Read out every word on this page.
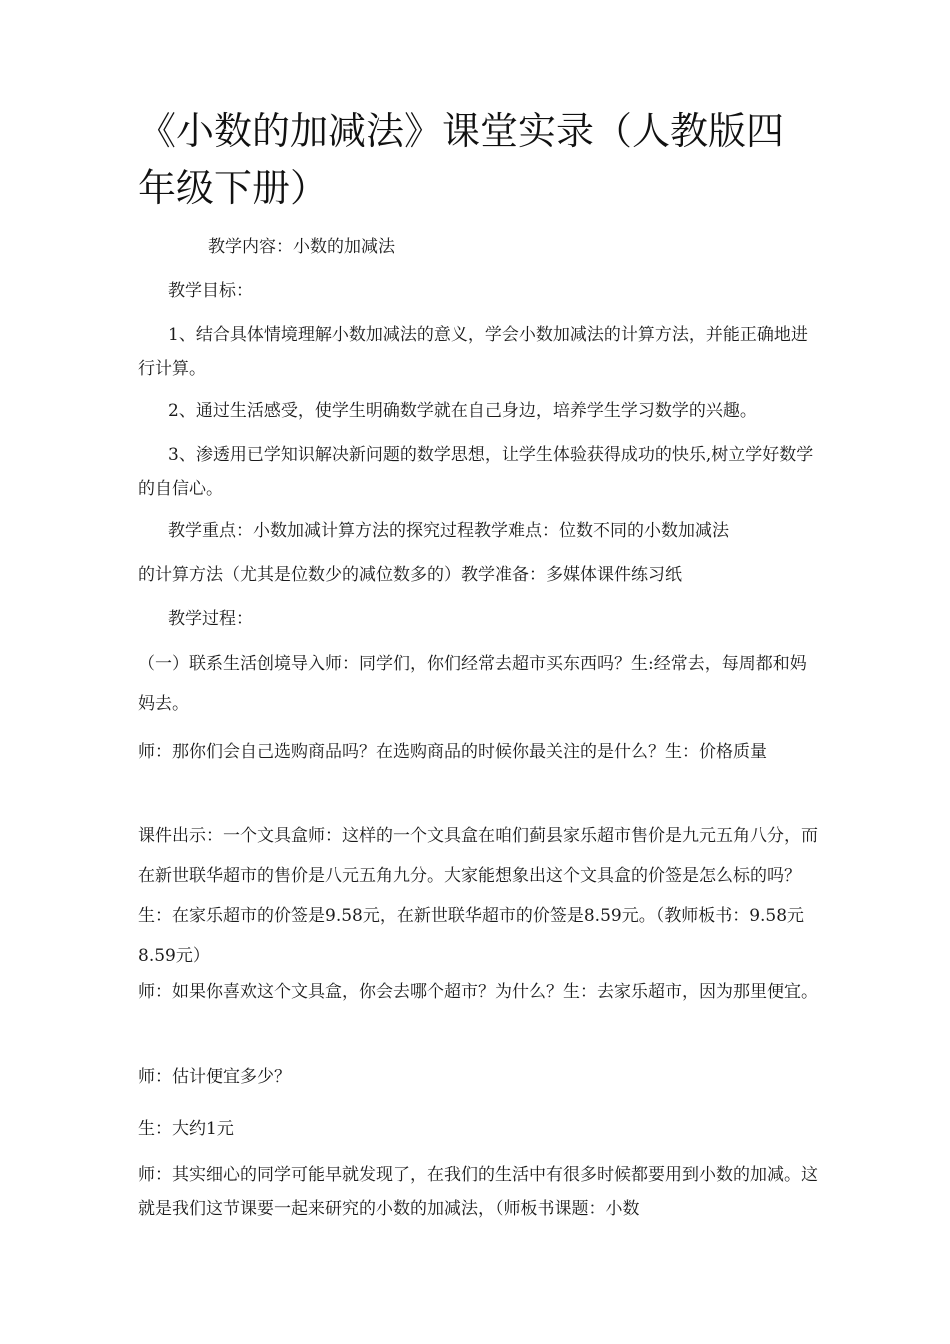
《小数的加减法》课堂实录（人教版四
年级下册）

教学内容：小数的加减法

教学目标：

1、结合具体情境理解小数加减法的意义，学会小数加减法的计算方法，并能正确地进行计算。

2、通过生活感受，使学生明确数学就在自己身边，培养学生学习数学的兴趣。

3、渗透用已学知识解决新问题的数学思想，让学生体验获得成功的快乐,树立学好数学的自信心。

教学重点：小数加减计算方法的探究过程教学难点：位数不同的小数加减法

的计算方法（尤其是位数少的减位数多的）教学准备：多媒体课件练习纸

教学过程：

（一）联系生活创境导入师：同学们，你们经常去超市买东西吗？生:经常去，每周都和妈妈去。

师：那你们会自己选购商品吗？在选购商品的时候你最关注的是什么？生：价格质量

课件出示：一个文具盒师：这样的一个文具盒在咱们蓟县家乐超市售价是九元五角八分，而在新世联华超市的售价是八元五角九分。大家能想象出这个文具盒的价签是怎么标的吗？生：在家乐超市的价签是9.58元，在新世联华超市的价签是8.59元。（教师板书：9.58元8.59元）

师：如果你喜欢这个文具盒，你会去哪个超市？为什么？生：去家乐超市，因为那里便宜。

师：估计便宜多少？

生：大约1元

师：其实细心的同学可能早就发现了，在我们的生活中有很多时候都要用到小数的加减。这就是我们这节课要一起来研究的小数的加减法，（师板书课题：小数
